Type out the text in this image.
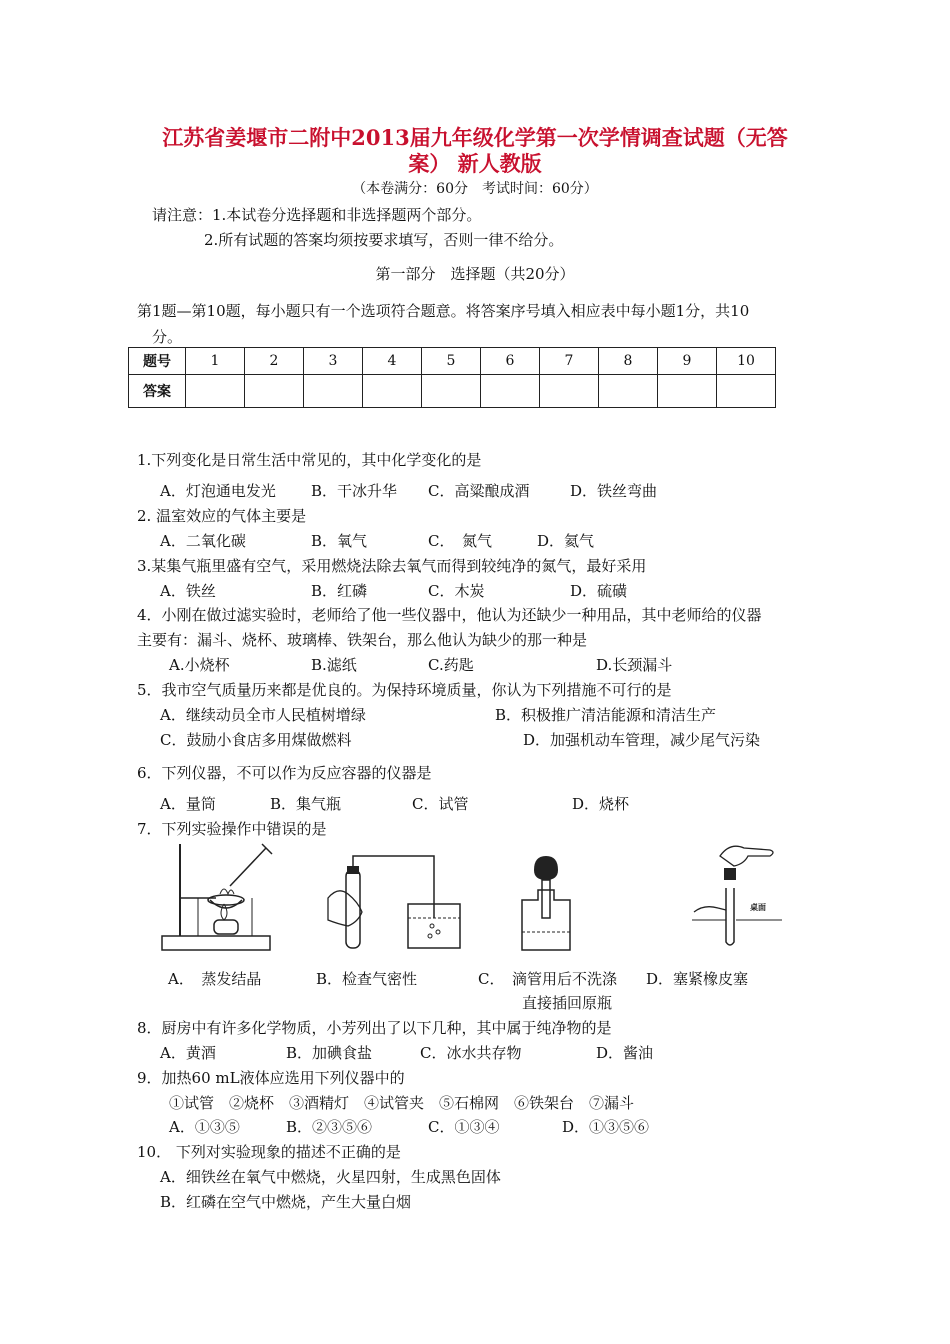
江苏省姜堰市二附中2013届九年级化学第一次学情调查试题（无答
案） 新人教版
（本卷满分：60分　考试时间：60分）
请注意：1.本试卷分选择题和非选择题两个部分。
2.所有试题的答案均须按要求填写，否则一律不给分。
第一部分　选择题（共20分）
第1题—第10题，每小题只有一个选项符合题意。将答案序号填入相应表中每小题1分，共10
分。
题号	1	2	3	4	5	6	7	8	9	10
答案										
1.下列变化是日常生活中常见的，其中化学变化的是
A．灯泡通电发光 B．干冰升华 C．高粱酿成酒	D．铁丝弯曲
2. 温室效应的气体主要是
A．二氧化碳	B．氧气	C．　氮气	D．氦气
3.某集气瓶里盛有空气，采用燃烧法除去氧气而得到较纯净的氮气，最好采用
A．铁丝	B．红磷	C．木炭	D．硫磺
4．小刚在做过滤实验时，老师给了他一些仪器中，他认为还缺少一种用品，其中老师给的仪器
主要有：漏斗、烧杯、玻璃棒、铁架台，那么他认为缺少的那一种是
A.小烧杯	B.滤纸	C.药匙	D.长颈漏斗
5．我市空气质量历来都是优良的。为保持环境质量，你认为下列措施不可行的是
A．继续动员全市人民植树增绿	B．积极推广清洁能源和清洁生产
C．鼓励小食店多用煤做燃料	D．加强机动车管理，减少尾气污染
6．下列仪器，不可以作为反应容器的仪器是
A．量筒	B．集气瓶	C．试管	D．烧杯
7．下列实验操作中错误的是
桌面
A．　蒸发结晶	B．检查气密性	C．　滴管用后不洗涤 D．塞紧橡皮塞
直接插回原瓶
8．厨房中有许多化学物质，小芳列出了以下几种，其中属于纯净物的是
A．黄酒	B．加碘食盐	C．冰水共存物	D．酱油
9．加热60 mL液体应选用下列仪器中的
①试管　②烧杯　③酒精灯　④试管夹　⑤石棉网　⑥铁架台　⑦漏斗
A．①③⑤	B．②③⑤⑥	C．①③④	D．①③⑤⑥
10． 下列对实验现象的描述不正确的是
A．细铁丝在氧气中燃烧，火星四射，生成黑色固体
B．红磷在空气中燃烧，产生大量白烟
